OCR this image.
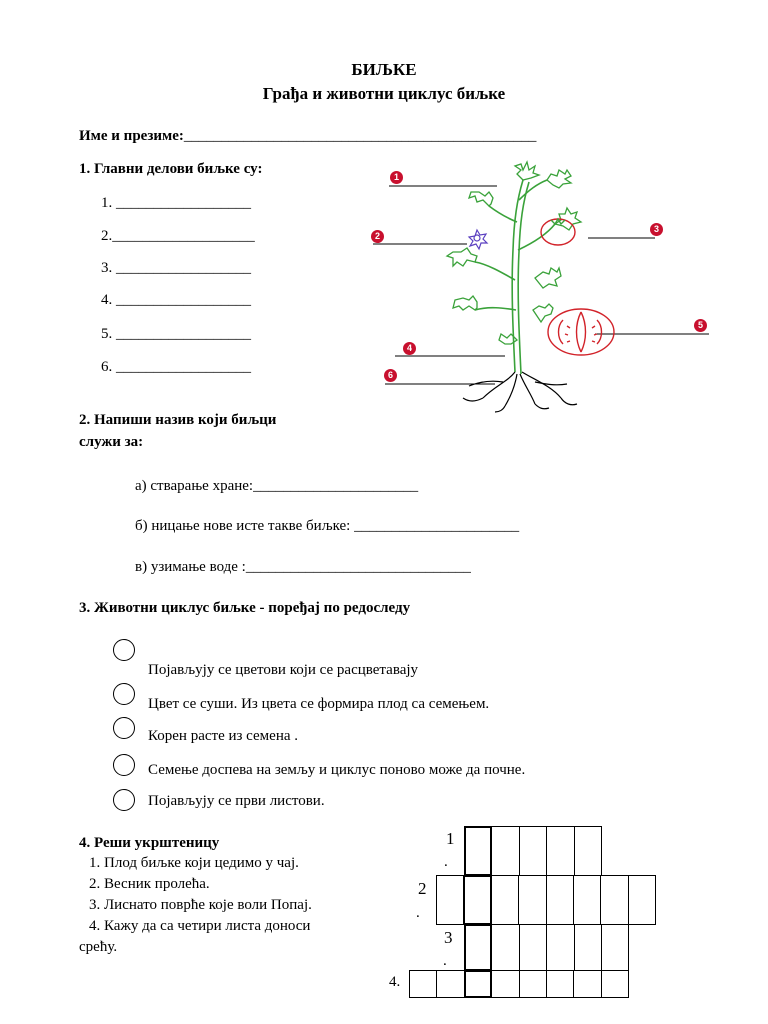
БИЉКЕ
Грађа и животни циклус биљке
Име и презиме:_______________________________________________
1. Главни делови биљке су:
1. __________________
2.___________________
3. __________________
4. __________________
5. __________________
6. __________________
1
2
3
4
5
6
2. Напиши назив који биљци
служи за:
а) стварање хране:______________________
б) ницање нове исте такве биљке: ______________________
в) узимање воде :______________________________
3. Животни циклус биљке - поређај по редоследу
Појављују се цветови који се расцветавају
Цвет се суши. Из цвета се формира плод са семењем.
Корен расте из семена .
Семење доспева на земљу и циклус поново може да почне.
Појављују се први листови.
4. Реши укрштеницу
1. Плод биљке који цедимо у чај.
2. Весник пролећа.
3. Лиснато поврће које воли Попај.
4. Кажу да са четири листа доноси
срећу.
1
.
2
.
3
.
4.
